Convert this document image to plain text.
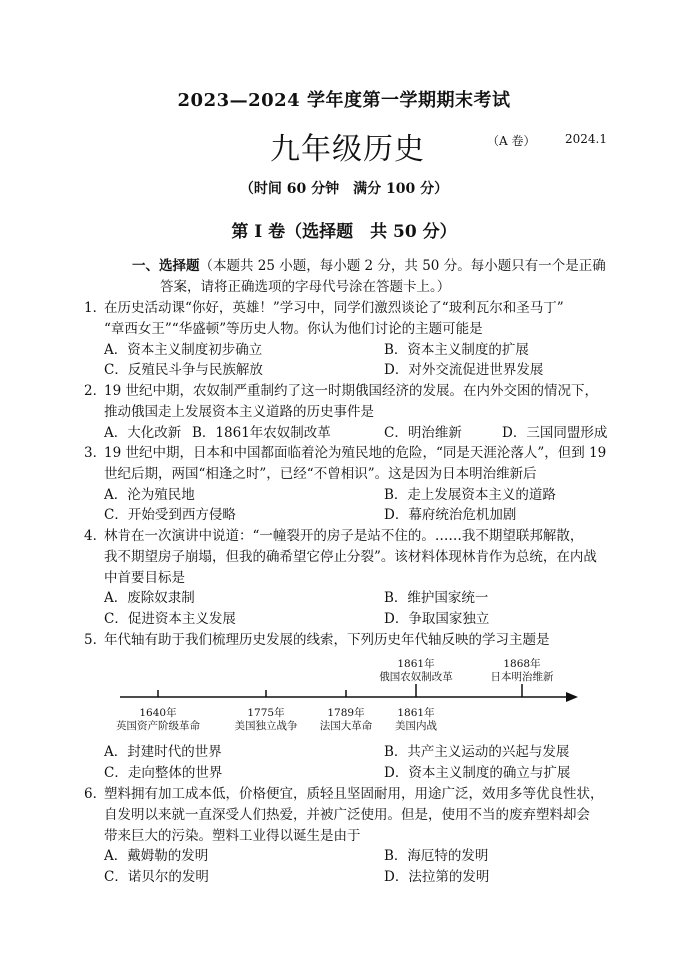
2023—2024 学年度第一学期期末考试
九年级历史	（A 卷） 2024.1
（时间 60 分钟　满分 100 分）
第 I 卷（选择题　共 50 分）
一、选择题（本题共 25 小题，每小题 2 分，共 50 分。每小题只有一个是正确
答案，请将正确选项的字母代号涂在答题卡上。）
1．在历史活动课“你好，英雄！”学习中，同学们激烈谈论了“玻利瓦尔和圣马丁”
“章西女王”“华盛顿”等历史人物。你认为他们讨论的主题可能是
A．资本主义制度初步确立	B．资本主义制度的扩展
C．反殖民斗争与民族解放	D．对外交流促进世界发展
2．19 世纪中期，农奴制严重制约了这一时期俄国经济的发展。在内外交困的情况下，
推动俄国走上发展资本主义道路的历史事件是
A．大化改新 B．1861年农奴制改革	C．明治维新	D．三国同盟形成
3．19 世纪中期，日本和中国都面临着沦为殖民地的危险，“同是天涯沦落人”，但到 19
世纪后期，两国“相逢之时”，已经“不曾相识”。这是因为日本明治维新后
A．沦为殖民地	B．走上发展资本主义的道路
C．开始受到西方侵略	D．幕府统治危机加剧
4．林肯在一次演讲中说道：“一幢裂开的房子是站不住的。……我不期望联邦解散，
我不期望房子崩塌，但我的确希望它停止分裂”。该材料体现林肯作为总统，在内战
中首要目标是
A．废除奴隶制	B．维护国家统一
C．促进资本主义发展	D．争取国家独立
5．年代轴有助于我们梳理历史发展的线索，下列历史年代轴反映的学习主题是
1861年
俄国农奴制改革
1868年
日本明治维新
1640年
英国资产阶级革命
1775年
美国独立战争
1789年
法国大革命
1861年
美国内战
A．封建时代的世界	B．共产主义运动的兴起与发展
C．走向整体的世界	D．资本主义制度的确立与扩展
6．塑料拥有加工成本低，价格便宜，质轻且坚固耐用，用途广泛，效用多等优良性状，
自发明以来就一直深受人们热爱，并被广泛使用。但是，使用不当的废弃塑料却会
带来巨大的污染。塑料工业得以诞生是由于
A．戴姆勒的发明	B．海厄特的发明
C．诺贝尔的发明	D．法拉第的发明
